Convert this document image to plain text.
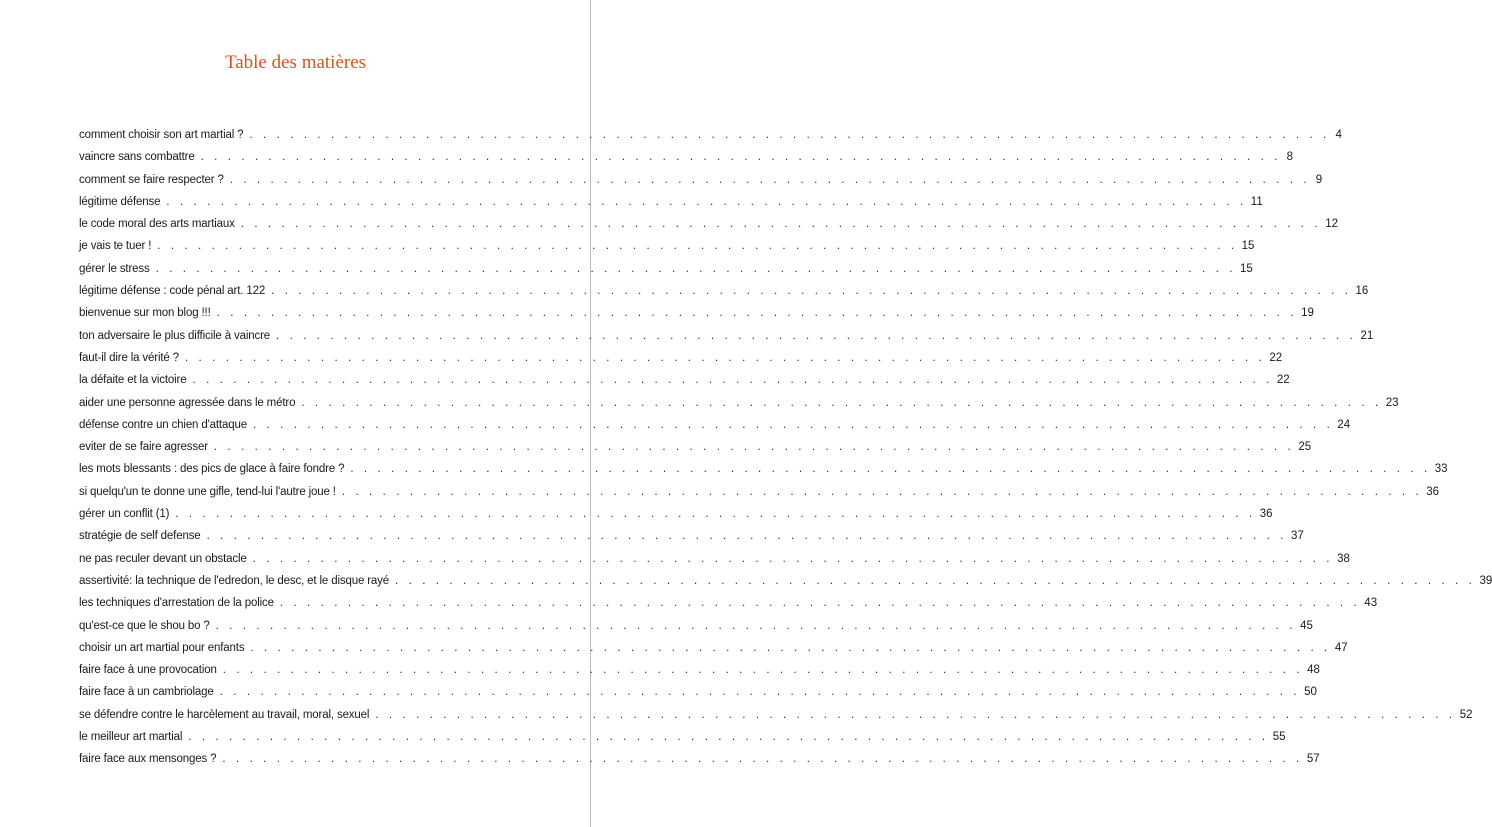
Table des matières
comment choisir son art martial ? . . . . . . . . . . . . . . . . . . . . . . . . . . . . . . . . . . . . . . . . . . . . . . . . . . . . . . . . . . . . . . . . . . . . . . . . . . . . . . . . 4
vaincre sans combattre . . . . . . . . . . . . . . . . . . . . . . . . . . . . . . . . . . . . . . . . . . . . . . . . . . . . . . . . . . . . . . . . . . . . . . . . . . . . . . . . 8
comment se faire respecter ? . . . . . . . . . . . . . . . . . . . . . . . . . . . . . . . . . . . . . . . . . . . . . . . . . . . . . . . . . . . . . . . . . . . . . . . . . . . . . . . . 9
légitime défense . . . . . . . . . . . . . . . . . . . . . . . . . . . . . . . . . . . . . . . . . . . . . . . . . . . . . . . . . . . . . . . . . . . . . . . . . . . . . . . . 11
le code moral des arts martiaux . . . . . . . . . . . . . . . . . . . . . . . . . . . . . . . . . . . . . . . . . . . . . . . . . . . . . . . . . . . . . . . . . . . . . . . . . . . . . . . . 12
je vais te tuer ! . . . . . . . . . . . . . . . . . . . . . . . . . . . . . . . . . . . . . . . . . . . . . . . . . . . . . . . . . . . . . . . . . . . . . . . . . . . . . . . . 15
gérer le stress . . . . . . . . . . . . . . . . . . . . . . . . . . . . . . . . . . . . . . . . . . . . . . . . . . . . . . . . . . . . . . . . . . . . . . . . . . . . . . . . 15
légitime défense : code pénal art. 122 . . . . . . . . . . . . . . . . . . . . . . . . . . . . . . . . . . . . . . . . . . . . . . . . . . . . . . . . . . . . . . . . . . . . . . . . . . . . . . . . 16
bienvenue sur mon blog !!! . . . . . . . . . . . . . . . . . . . . . . . . . . . . . . . . . . . . . . . . . . . . . . . . . . . . . . . . . . . . . . . . . . . . . . . . . . . . . . . . 19
ton adversaire le plus difficile à vaincre . . . . . . . . . . . . . . . . . . . . . . . . . . . . . . . . . . . . . . . . . . . . . . . . . . . . . . . . . . . . . . . . . . . . . . . . . . . . . . . . 21
faut-il dire la vérité ? . . . . . . . . . . . . . . . . . . . . . . . . . . . . . . . . . . . . . . . . . . . . . . . . . . . . . . . . . . . . . . . . . . . . . . . . . . . . . . . . 22
la défaite et la victoire . . . . . . . . . . . . . . . . . . . . . . . . . . . . . . . . . . . . . . . . . . . . . . . . . . . . . . . . . . . . . . . . . . . . . . . . . . . . . . . . 22
aider une personne agressée dans le métro . . . . . . . . . . . . . . . . . . . . . . . . . . . . . . . . . . . . . . . . . . . . . . . . . . . . . . . . . . . . . . . . . . . . . . . . . . . . . . . . 23
défense contre un chien d'attaque . . . . . . . . . . . . . . . . . . . . . . . . . . . . . . . . . . . . . . . . . . . . . . . . . . . . . . . . . . . . . . . . . . . . . . . . . . . . . . . . 24
eviter de se faire agresser . . . . . . . . . . . . . . . . . . . . . . . . . . . . . . . . . . . . . . . . . . . . . . . . . . . . . . . . . . . . . . . . . . . . . . . . . . . . . . . . 25
les mots blessants : des pics de glace à faire fondre ? . . . . . . . . . . . . . . . . . . . . . . . . . . . . . . . . . . . . . . . . . . . . . . . . . . . . . . . . . . . . . . . . . . . . . . . . . . . . . . . . 33
si quelqu'un te donne une gifle, tend-lui l'autre joue ! . . . . . . . . . . . . . . . . . . . . . . . . . . . . . . . . . . . . . . . . . . . . . . . . . . . . . . . . . . . . . . . . . . . . . . . . . . . . . . . . 36
gérer un conflit (1) . . . . . . . . . . . . . . . . . . . . . . . . . . . . . . . . . . . . . . . . . . . . . . . . . . . . . . . . . . . . . . . . . . . . . . . . . . . . . . . . 36
stratégie de self defense . . . . . . . . . . . . . . . . . . . . . . . . . . . . . . . . . . . . . . . . . . . . . . . . . . . . . . . . . . . . . . . . . . . . . . . . . . . . . . . . 37
ne pas reculer devant un obstacle . . . . . . . . . . . . . . . . . . . . . . . . . . . . . . . . . . . . . . . . . . . . . . . . . . . . . . . . . . . . . . . . . . . . . . . . . . . . . . . . 38
assertivité: la technique de l'edredon, le desc, et le disque rayé . . . . . . . . . . . . . . . . . . . . . . . . . . . . . . . . . . . . . . . . . . . . . . . . . . . . . . . . . . . . . . . . . . . . . . . . . . . . . . . . 39
les techniques d'arrestation de la police . . . . . . . . . . . . . . . . . . . . . . . . . . . . . . . . . . . . . . . . . . . . . . . . . . . . . . . . . . . . . . . . . . . . . . . . . . . . . . . . 43
qu'est-ce que le shou bo ? . . . . . . . . . . . . . . . . . . . . . . . . . . . . . . . . . . . . . . . . . . . . . . . . . . . . . . . . . . . . . . . . . . . . . . . . . . . . . . . . 45
choisir un art martial pour enfants . . . . . . . . . . . . . . . . . . . . . . . . . . . . . . . . . . . . . . . . . . . . . . . . . . . . . . . . . . . . . . . . . . . . . . . . . . . . . . . . 47
faire face à une provocation . . . . . . . . . . . . . . . . . . . . . . . . . . . . . . . . . . . . . . . . . . . . . . . . . . . . . . . . . . . . . . . . . . . . . . . . . . . . . . . . 48
faire face à un cambriolage . . . . . . . . . . . . . . . . . . . . . . . . . . . . . . . . . . . . . . . . . . . . . . . . . . . . . . . . . . . . . . . . . . . . . . . . . . . . . . . . 50
se défendre contre le harcèlement au travail, moral, sexuel . . . . . . . . . . . . . . . . . . . . . . . . . . . . . . . . . . . . . . . . . . . . . . . . . . . . . . . . . . . . . . . . . . . . . . . . . . . . . . . . 52
le meilleur art martial . . . . . . . . . . . . . . . . . . . . . . . . . . . . . . . . . . . . . . . . . . . . . . . . . . . . . . . . . . . . . . . . . . . . . . . . . . . . . . . . 55
faire face aux mensonges ? . . . . . . . . . . . . . . . . . . . . . . . . . . . . . . . . . . . . . . . . . . . . . . . . . . . . . . . . . . . . . . . . . . . . . . . . . . . . . . . . 57
